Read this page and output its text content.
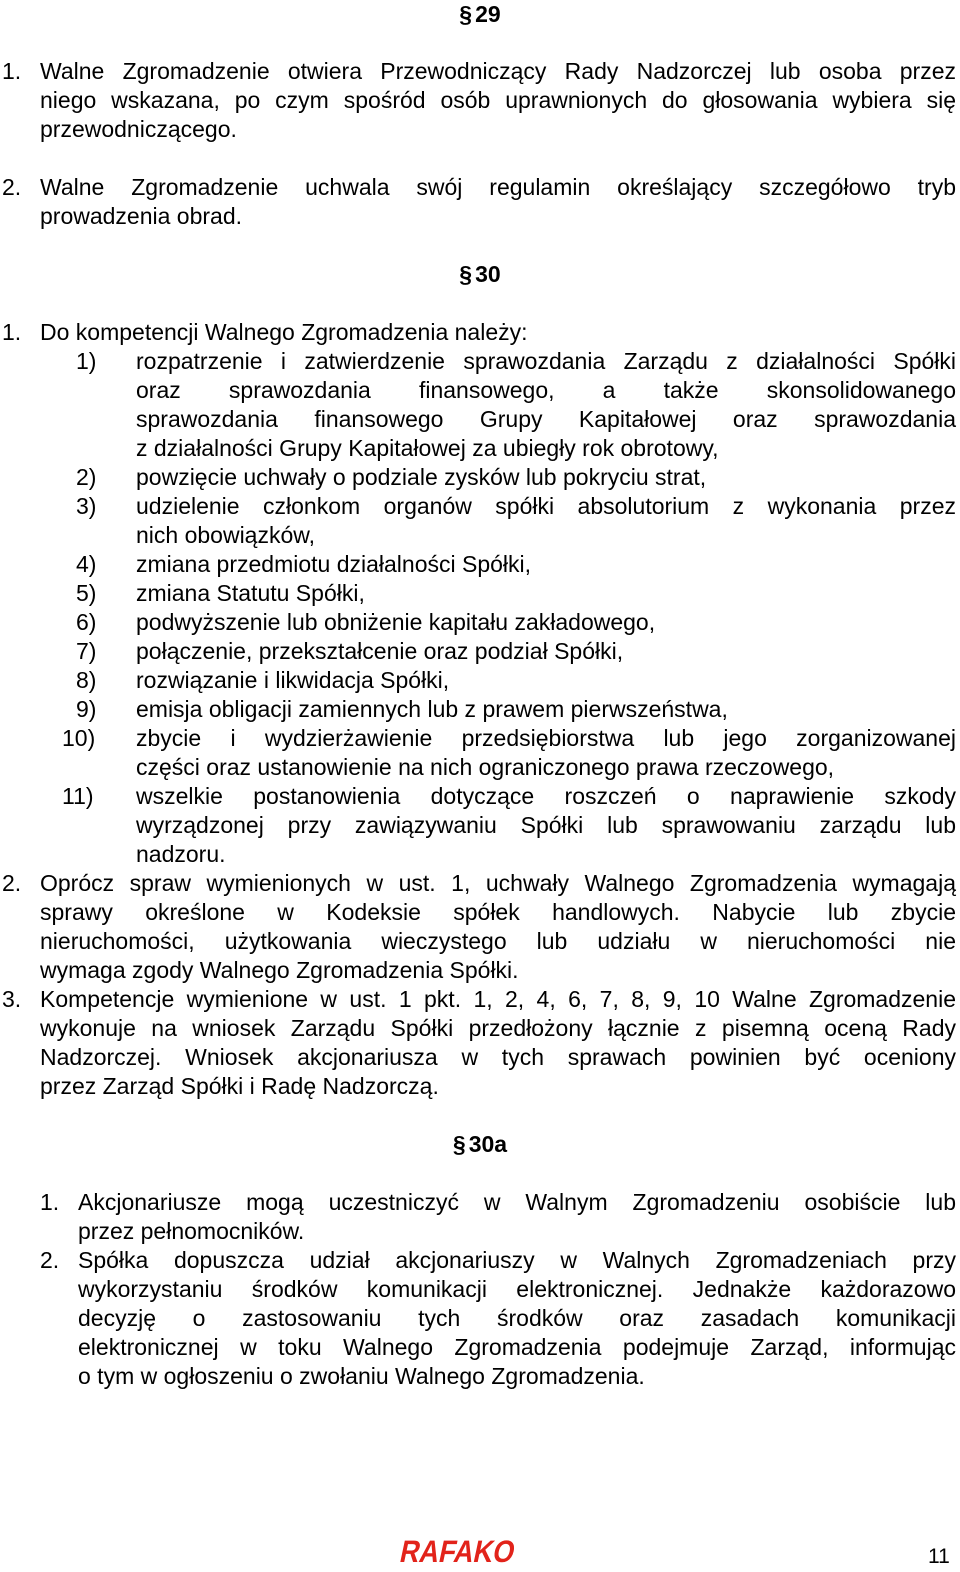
§ 29
1. Walne Zgromadzenie otwiera Przewodniczący Rady Nadzorczej lub osoba przez
niego wskazana, po czym spośród osób uprawnionych do głosowania wybiera się
przewodniczącego.
2. Walne Zgromadzenie uchwala swój regulamin określający szczegółowo tryb
prowadzenia obrad.
§ 30
1. Do kompetencji Walnego Zgromadzenia należy:
1) rozpatrzenie i zatwierdzenie sprawozdania Zarządu z działalności Spółki
oraz sprawozdania finansowego, a także skonsolidowanego
sprawozdania finansowego Grupy Kapitałowej oraz sprawozdania
z działalności Grupy Kapitałowej za ubiegły rok obrotowy,
2) powzięcie uchwały o podziale zysków lub pokryciu strat,
3) udzielenie członkom organów spółki absolutorium z wykonania przez
nich obowiązków,
4) zmiana przedmiotu działalności Spółki,
5) zmiana Statutu Spółki,
6) podwyższenie lub obniżenie kapitału zakładowego,
7) połączenie, przekształcenie oraz podział Spółki,
8) rozwiązanie i likwidacja Spółki,
9) emisja obligacji zamiennych lub z prawem pierwszeństwa,
10) zbycie i wydzierżawienie przedsiębiorstwa lub jego zorganizowanej
części oraz ustanowienie na nich ograniczonego prawa rzeczowego,
11) wszelkie postanowienia dotyczące roszczeń o naprawienie szkody
wyrządzonej przy zawiązywaniu Spółki lub sprawowaniu zarządu lub
nadzoru.
2. Oprócz spraw wymienionych w ust. 1, uchwały Walnego Zgromadzenia wymagają
sprawy określone w Kodeksie spółek handlowych. Nabycie lub zbycie
nieruchomości, użytkowania wieczystego lub udziału w nieruchomości nie
wymaga zgody Walnego Zgromadzenia Spółki.
3. Kompetencje wymienione w ust. 1 pkt. 1, 2, 4, 6, 7, 8, 9, 10 Walne Zgromadzenie
wykonuje na wniosek Zarządu Spółki przedłożony łącznie z pisemną oceną Rady
Nadzorczej. Wniosek akcjonariusza w tych sprawach powinien być oceniony
przez Zarząd Spółki i Radę Nadzorczą.
§ 30a
1. Akcjonariusze mogą uczestniczyć w Walnym Zgromadzeniu osobiście lub
przez pełnomocników.
2. Spółka dopuszcza udział akcjonariuszy w Walnych Zgromadzeniach przy
wykorzystaniu środków komunikacji elektronicznej. Jednakże każdorazowo
decyzję o zastosowaniu tych środków oraz zasadach komunikacji
elektronicznej w toku Walnego Zgromadzenia podejmuje Zarząd, informując
o tym w ogłoszeniu o zwołaniu Walnego Zgromadzenia.
RAFAKO	11
